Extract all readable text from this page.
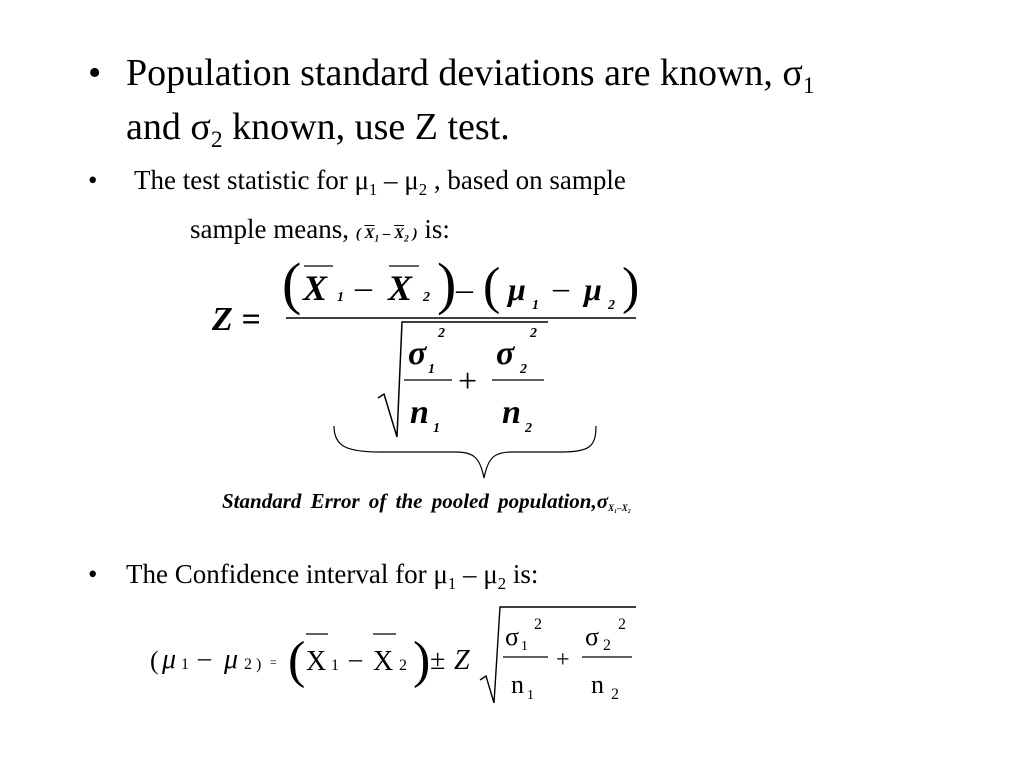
• Population standard deviations are known, $\sigma_1$
and $\sigma_2$ known, use Z test.
• The test statistic for $\mu_1 - \mu_2$ , based on sample
sample means, ( $\overline{X}_1 - \overline{X}_2$ ) is:
Z =
( X 1 – X 2 ) – ( μ 1
– μ 2 )
σ
2
1
n 1
+
σ
2
2
n 2
Standard Error of the pooled $population,\sigma_{X_1-X_2}$
• The Confidence interval for $\mu_1 - \mu_2$ is:
( μ 1 – μ 2 ) = ( X 1 – X 2 ) ± Z
σ 1
2
n 1
+
σ 2
2
n 2
